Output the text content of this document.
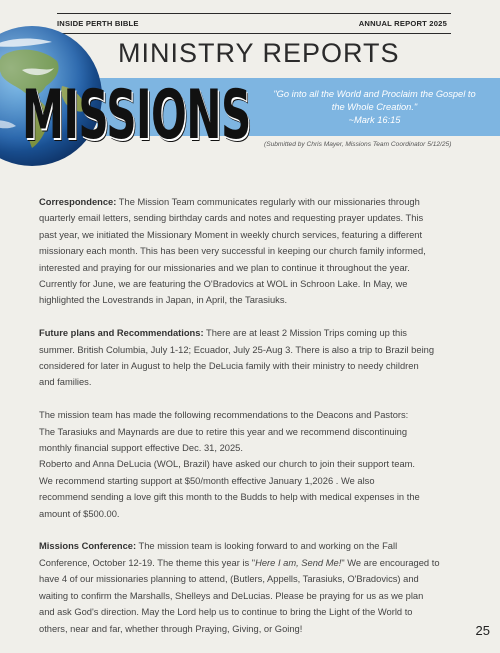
INSIDE PERTH BIBLE	ANNUAL REPORT 2025
MINISTRY REPORTS
MISSIONS	"Go into all the World and Proclaim the Gospel to
the Whole Creation."
~Mark 16:15
(Submitted by Chris Mayer, Missions Team Coordinator 5/12/25)
Correspondence: The Mission Team communicates regularly with our missionaries through
quarterly email letters, sending birthday cards and notes and requesting prayer updates. This
past year, we initiated the Missionary Moment in weekly church services, featuring a different
missionary each month. This has been very successful in keeping our church family informed,
interested and praying for our missionaries and we plan to continue it throughout the year.
Currently for June, we are featuring the O'Bradovics at WOL in Schroon Lake. In May, we
highlighted the Lovestrands in Japan, in April, the Tarasiuks.
Future plans and Recommendations: There are at least 2 Mission Trips coming up this
summer. British Columbia, July 1-12; Ecuador, July 25-Aug 3. There is also a trip to Brazil being
considered for later in August to help the DeLucia family with their ministry to needy children
and families.
The mission team has made the following recommendations to the Deacons and Pastors:
The Tarasiuks and Maynards are due to retire this year and we recommend discontinuing
monthly financial support effective Dec. 31, 2025.
Roberto and Anna DeLucia (WOL, Brazil) have asked our church to join their support team.
We recommend starting support at $50/month effective January 1,2026 . We also
recommend sending a love gift this month to the Budds to help with medical expenses in the
amount of $500.00.
Missions Conference: The mission team is looking forward to and working on the Fall
Conference, October 12-19. The theme this year is "Here I am, Send Me!" We are encouraged to
have 4 of our missionaries planning to attend, (Butlers, Appells, Tarasiuks, O'Bradovics) and
waiting to confirm the Marshalls, Shelleys and DeLucias. Please be praying for us as we plan
and ask God's direction. May the Lord help us to continue to bring the Light of the World to
others, near and far, whether through Praying, Giving, or Going!	25
